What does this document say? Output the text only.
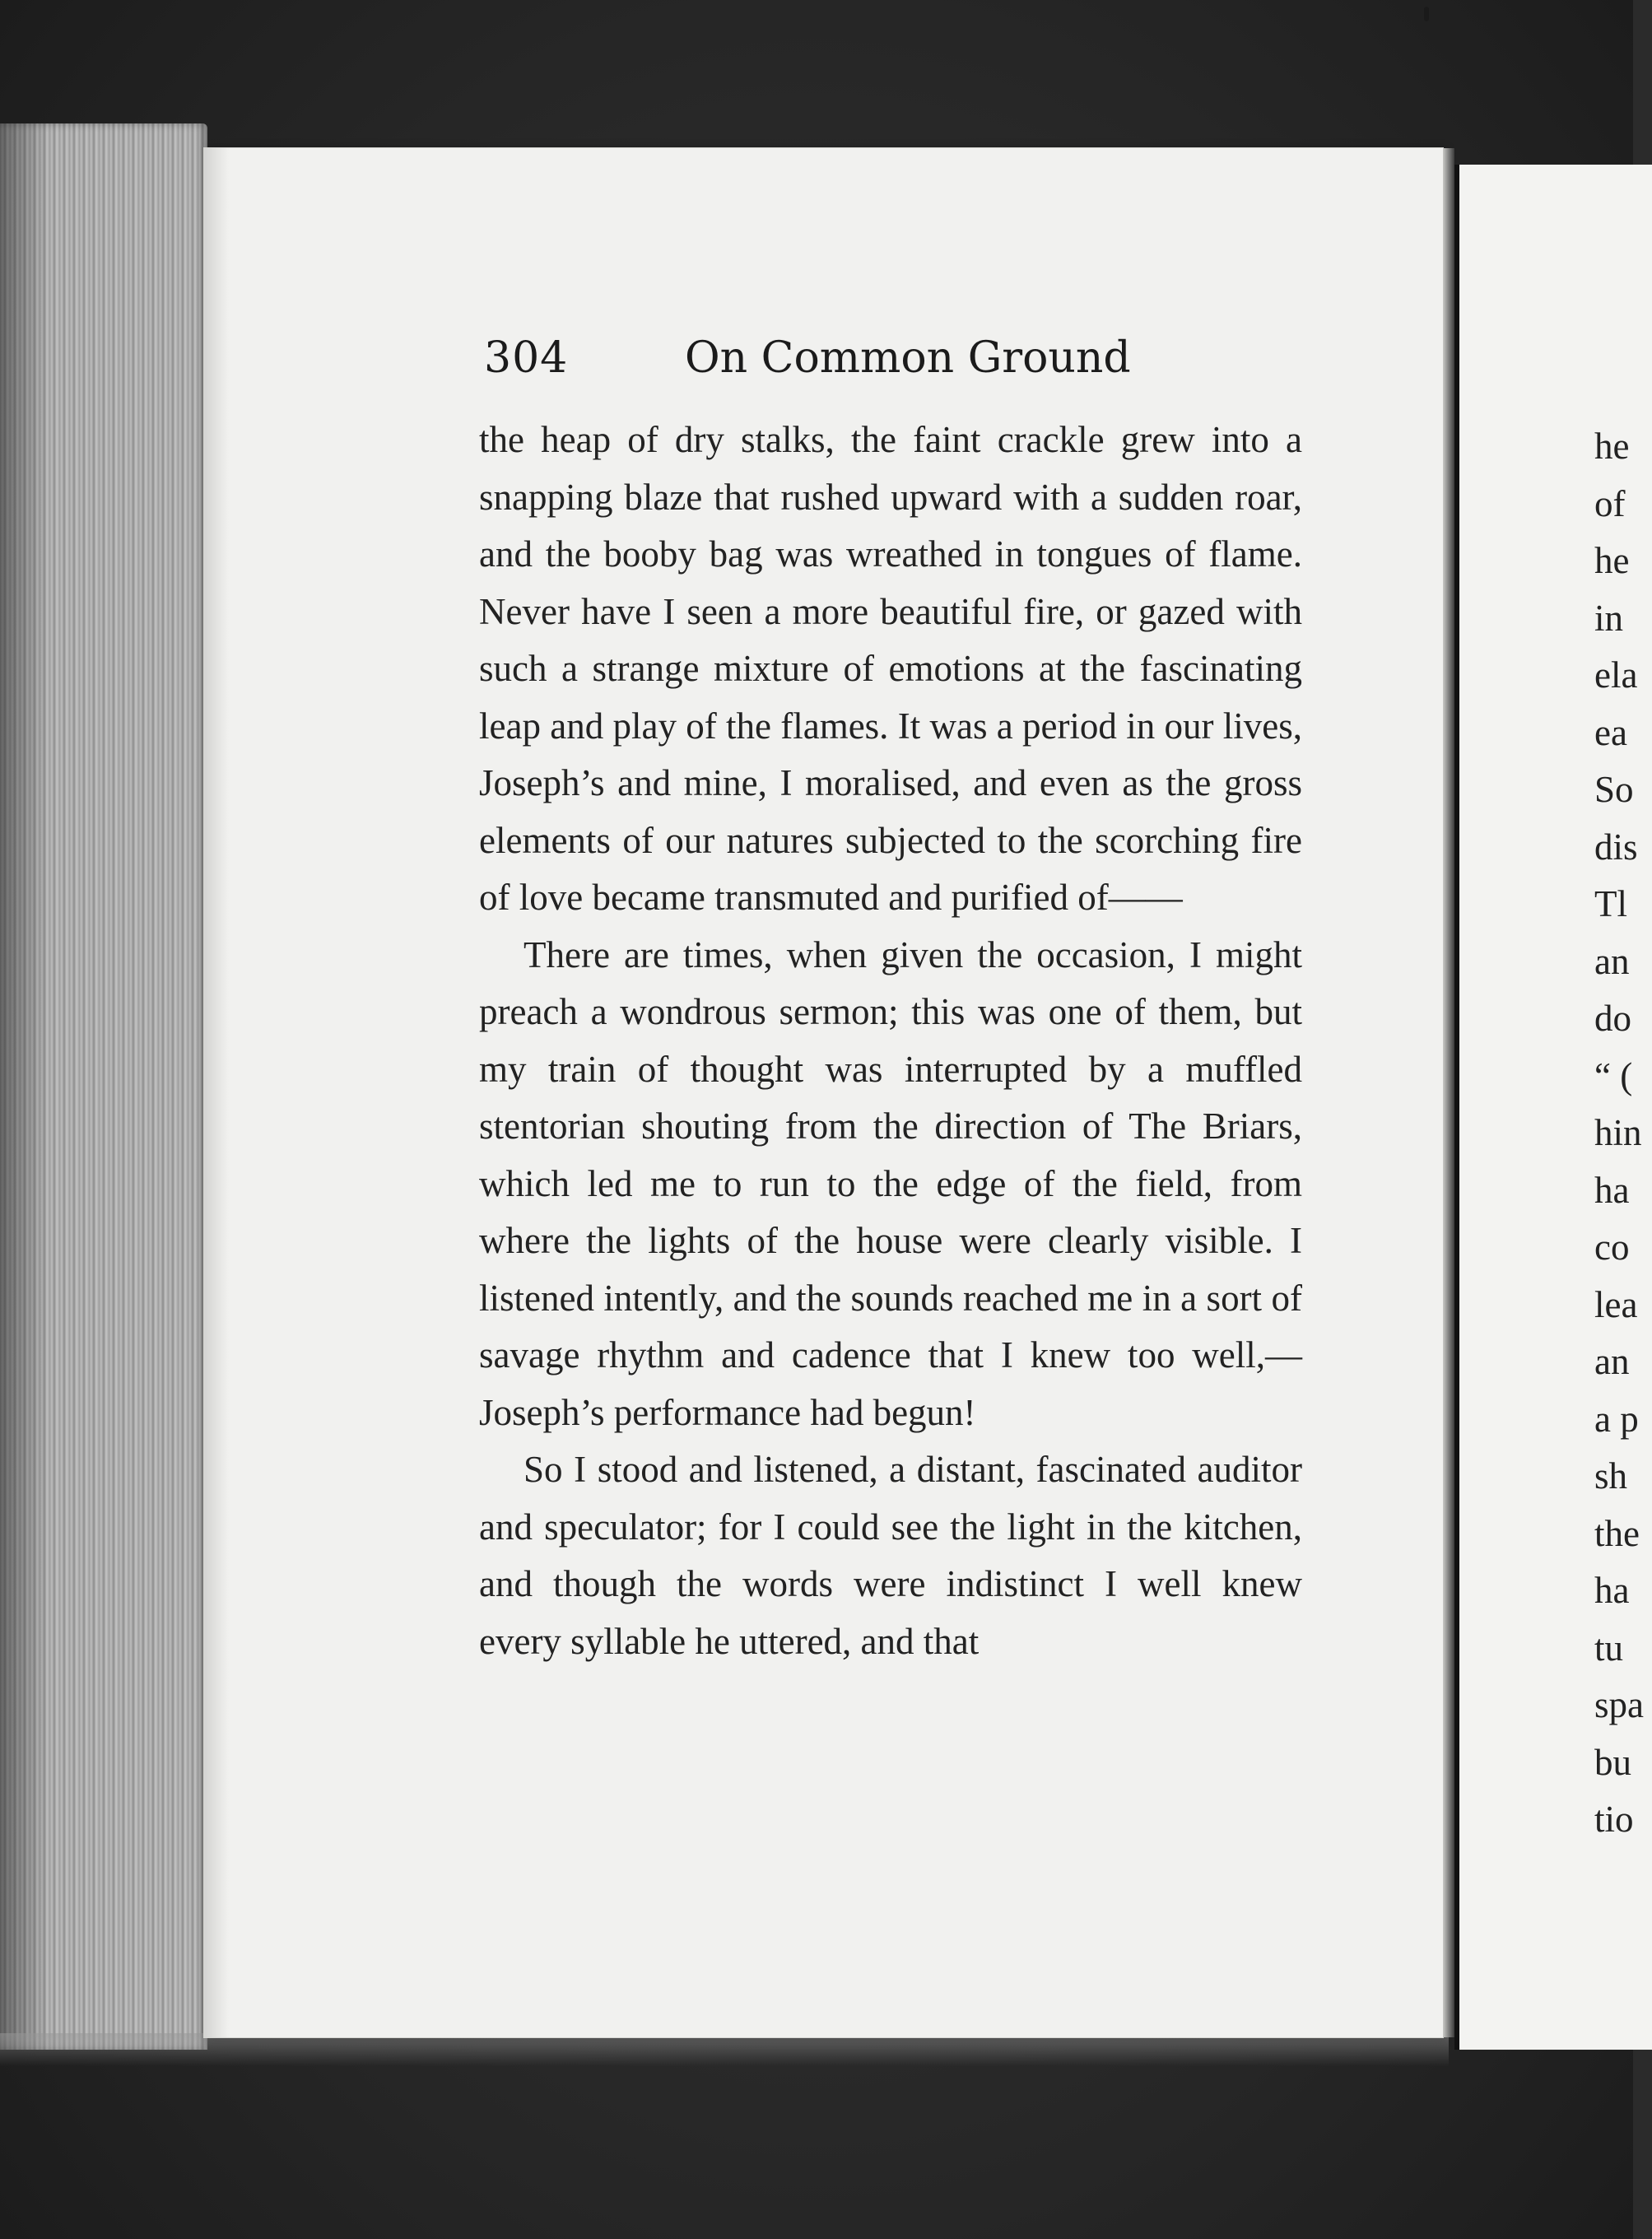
304	On Common Ground

the heap of dry stalks, the faint crackle grew into a snapping blaze that rushed upward with a sudden roar, and the booby bag was wreathed in tongues of flame. Never have I seen a more beautiful fire, or gazed with such a strange mixture of emotions at the fascinating leap and play of the flames. It was a period in our lives, Joseph’s and mine, I moralised, and even as the gross elements of our natures subjected to the scorching fire of love became transmuted and purified of——

There are times, when given the occasion, I might preach a wondrous sermon; this was one of them, but my train of thought was interrupted by a muffled stentorian shouting from the direction of The Briars, which led me to run to the edge of the field, from where the lights of the house were clearly visible. I listened intently, and the sounds reached me in a sort of savage rhythm and cadence that I knew too well,—Joseph’s performance had begun!

So I stood and listened, a distant, fascinated auditor and speculator; for I could see the light in the kitchen, and though the words were indistinct I well knew every syllable he uttered, and that

he
of
he
in
ela
ea
So
dis
Tl
an
do
“ (
hin
ha
co
lea
an
a p
sh
the
ha
tu
spa
bu
tio
